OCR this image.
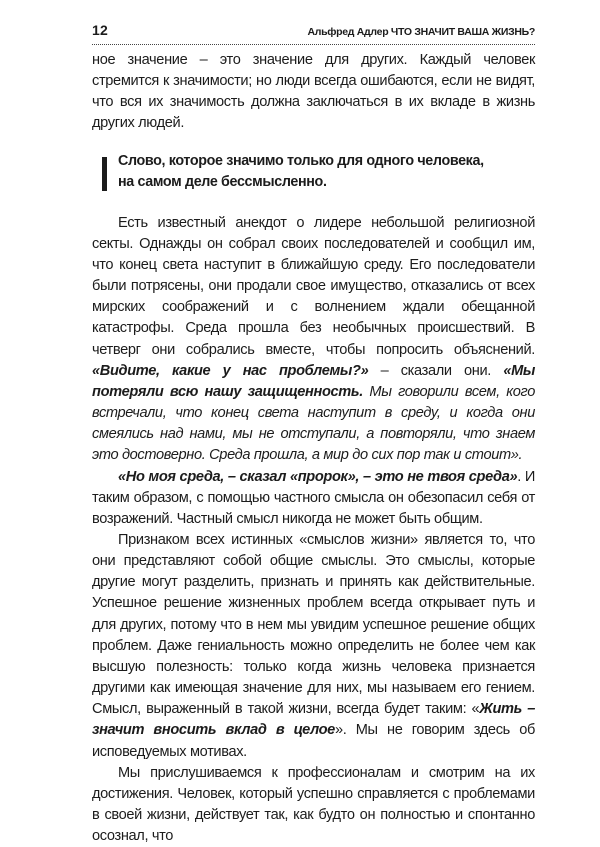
12	Альфред Адлер ЧТО ЗНАЧИТ ВАША ЖИЗНЬ?

ное значение – это значение для других. Каждый человек стремится к значимости; но люди всегда ошибаются, если не видят, что вся их значимость должна заключаться в их вкладе в жизнь других людей.

Слово, которое значимо только для одного человека,

на самом деле бессмысленно.

Есть известный анекдот о лидере небольшой религиозной секты. Однажды он собрал своих последователей и сообщил им, что конец света наступит в ближайшую среду. Его последователи были потрясены, они продали свое имущество, отказались от всех мирских соображений и с волнением ждали обещанной катастрофы. Среда прошла без необычных происшествий. В четверг они собрались вместе, чтобы попросить объяснений. «Видите, какие у нас проблемы?» – сказали они. «Мы потеряли всю нашу защищенность. Мы говорили всем, кого встречали, что конец света наступит в среду, и когда они смеялись над нами, мы не отступали, а повторяли, что знаем это достоверно. Среда прошла, а мир до сих пор так и стоит».

«Но моя среда, – сказал «пророк», – это не твоя среда». И таким образом, с помощью частного смысла он обезопасил себя от возражений. Частный смысл никогда не может быть общим.

Признаком всех истинных «смыслов жизни» является то, что они представляют собой общие смыслы. Это смыслы, которые другие могут разделить, признать и принять как действительные. Успешное решение жизненных проблем всегда открывает путь и для других, потому что в нем мы увидим успешное решение общих проблем. Даже гениальность можно определить не более чем как высшую полезность: только когда жизнь человека признается другими как имеющая значение для них, мы называем его гением. Смысл, выраженный в такой жизни, всегда будет таким: «Жить – значит вносить вклад в целое». Мы не говорим здесь об исповедуемых мотивах.

Мы прислушиваемся к профессионалам и смотрим на их достижения. Человек, который успешно справляется с проблемами в своей жизни, действует так, как будто он полностью и спонтанно осознал, что
